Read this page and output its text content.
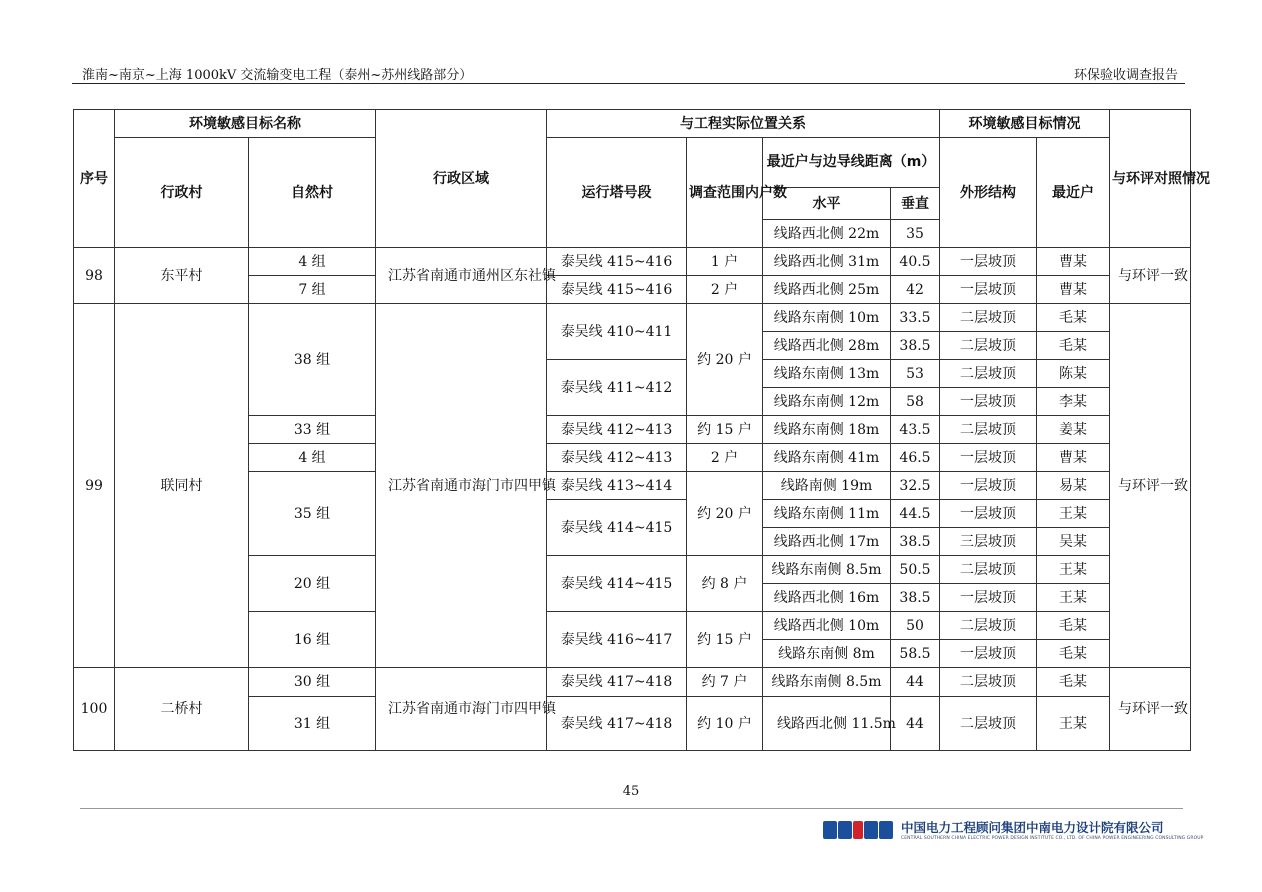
淮南~南京~上海 1000kV 交流输变电工程（泰州~苏州线路部分）	环保验收调查报告
序号	环境敏感目标名称		行政区域	与工程实际位置关系				环境敏感目标情况		与环评对照情况	
	行政村	自然村		运行塔号段	调查范围内户数	最近户与边导线距离（m）		外形结构	最近户		
						水平	垂直				
						线路西北侧 22m	35		
98	东平村	4 组	江苏省南通市通州区东社镇	泰吴线 415~416	1 户	线路西北侧 31m	40.5	一层坡顶	曹某	与环评一致	
		7 组		泰吴线 415~416	2 户	线路西北侧 25m	42	一层坡顶	曹某		
99	联同村	38 组	江苏省南通市海门市四甲镇	泰吴线 410~411	约 20 户	线路东南侧 10m	33.5	二层坡顶	毛某	与环评一致	
						线路西北侧 28m	38.5	二层坡顶	毛某		
				泰吴线 411~412		线路东南侧 13m	53	二层坡顶	陈某		
						线路东南侧 12m	58	一层坡顶	李某		
		33 组		泰吴线 412~413	约 15 户	线路东南侧 18m	43.5	二层坡顶	姜某		
		4 组		泰吴线 412~413	2 户	线路东南侧 41m	46.5	一层坡顶	曹某		
		35 组		泰吴线 413~414	约 20 户	线路南侧 19m	32.5	一层坡顶	易某		
				泰吴线 414~415		线路东南侧 11m	44.5	一层坡顶	王某		
						线路西北侧 17m	38.5	三层坡顶	吴某		
		20 组		泰吴线 414~415	约 8 户	线路东南侧 8.5m	50.5	二层坡顶	王某		
						线路西北侧 16m	38.5	一层坡顶	王某		
		16 组		泰吴线 416~417	约 15 户	线路西北侧 10m	50	二层坡顶	毛某		
						线路东南侧 8m	58.5	一层坡顶	毛某		
100	二桥村	30 组	江苏省南通市海门市四甲镇	泰吴线 417~418	约 7 户	线路东南侧 8.5m	44	二层坡顶	毛某	与环评一致	
		31 组		泰吴线 417~418	约 10 户	线路西北侧 11.5m	44	二层坡顶	王某		
45
中国电力工程顾问集团中南电力设计院有限公司
CENTRAL SOUTHERN CHINA ELECTRIC POWER DESIGN INSTITUTE CO., LTD. OF CHINA POWER ENGINEERING CONSULTING GROUP
